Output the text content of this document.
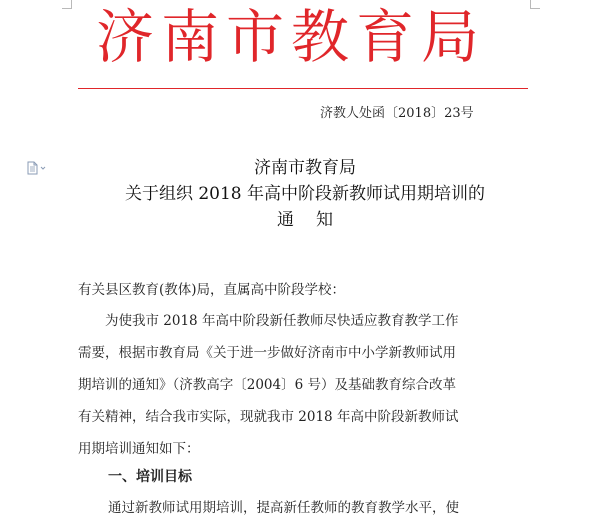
济南市教育局
济教人处函〔2018〕23号
济南市教育局
关于组织 2018 年高中阶段新教师试用期培训的
通知
有关县区教育(教体)局，直属高中阶段学校：
为使我市 2018 年高中阶段新任教师尽快适应教育教学工作
需要，根据市教育局《关于进一步做好济南市中小学新教师试用
期培训的通知》（济教高字〔2004〕6 号）及基础教育综合改革
有关精神，结合我市实际，现就我市 2018 年高中阶段新教师试
用期培训通知如下：
一、培训目标
通过新教师试用期培训，提高新任教师的教育教学水平，使
